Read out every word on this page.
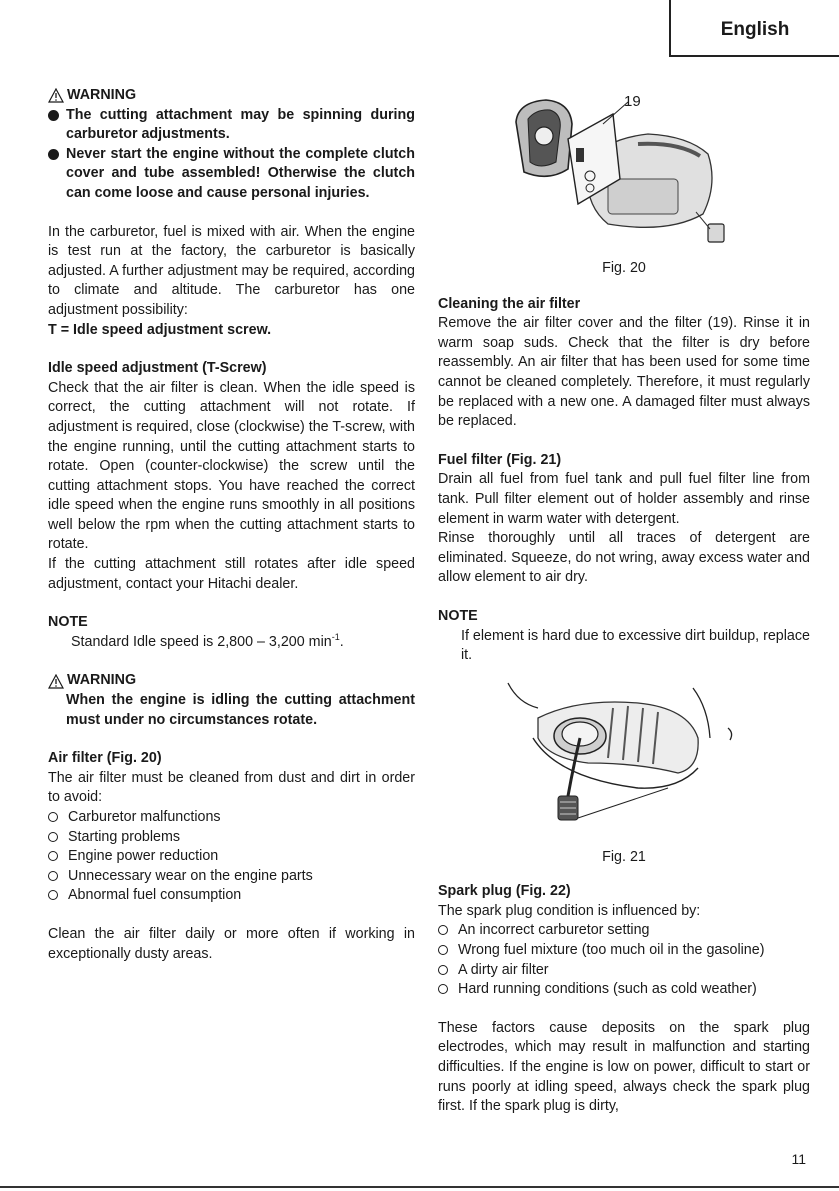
English
WARNING
The cutting attachment may be spinning during carburetor adjustments.
Never start the engine without the complete clutch cover and tube assembled! Otherwise the clutch can come loose and cause personal injuries.

In the carburetor, fuel is mixed with air. When the engine is test run at the factory, the carburetor is basically adjusted. A further adjustment may be required, according to climate and altitude. The carburetor has one adjustment possibility:

T = Idle speed adjustment screw.

Idle speed adjustment (T-Screw)

Check that the air filter is clean. When the idle speed is correct, the cutting attachment will not rotate. If adjustment is required, close (clockwise) the T-screw, with the engine running, until the cutting attachment starts to rotate. Open (counter-clockwise) the screw until the cutting attachment stops. You have reached the correct idle speed when the engine runs smoothly in all positions well below the rpm when the cutting attachment starts to rotate.

If the cutting attachment still rotates after idle speed adjustment, contact your Hitachi dealer.

NOTE

Standard Idle speed is 2,800 – 3,200 $\min^{-1}$.

WARNING

When the engine is idling the cutting attachment must under no circumstances rotate.

Air filter (Fig. 20)

The air filter must be cleaned from dust and dirt in order to avoid:

Carburetor malfunctions
Starting problems
Engine power reduction
Unnecessary wear on the engine parts
Abnormal fuel consumption

Clean the air filter daily or more often if working in exceptionally dusty areas.

19

Fig. 20

Cleaning the air filter

Remove the air filter cover and the filter (19). Rinse it in warm soap suds. Check that the filter is dry before reassembly. An air filter that has been used for some time cannot be cleaned completely. Therefore, it must regularly be replaced with a new one. A damaged filter must always be replaced.

Fuel filter (Fig. 21)

Drain all fuel from fuel tank and pull fuel filter line from tank. Pull filter element out of holder assembly and rinse element in warm water with detergent.

Rinse thoroughly until all traces of detergent are eliminated. Squeeze, do not wring, away excess water and allow element to air dry.

NOTE

If element is hard due to excessive dirt buildup, replace it.

Fig. 21

Spark plug (Fig. 22)

The spark plug condition is influenced by:

An incorrect carburetor setting
Wrong fuel mixture (too much oil in the gasoline)
A dirty air filter
Hard running conditions (such as cold weather)

These factors cause deposits on the spark plug electrodes, which may result in malfunction and starting difficulties. If the engine is low on power, difficult to start or runs poorly at idling speed, always check the spark plug first. If the spark plug is dirty,

11
